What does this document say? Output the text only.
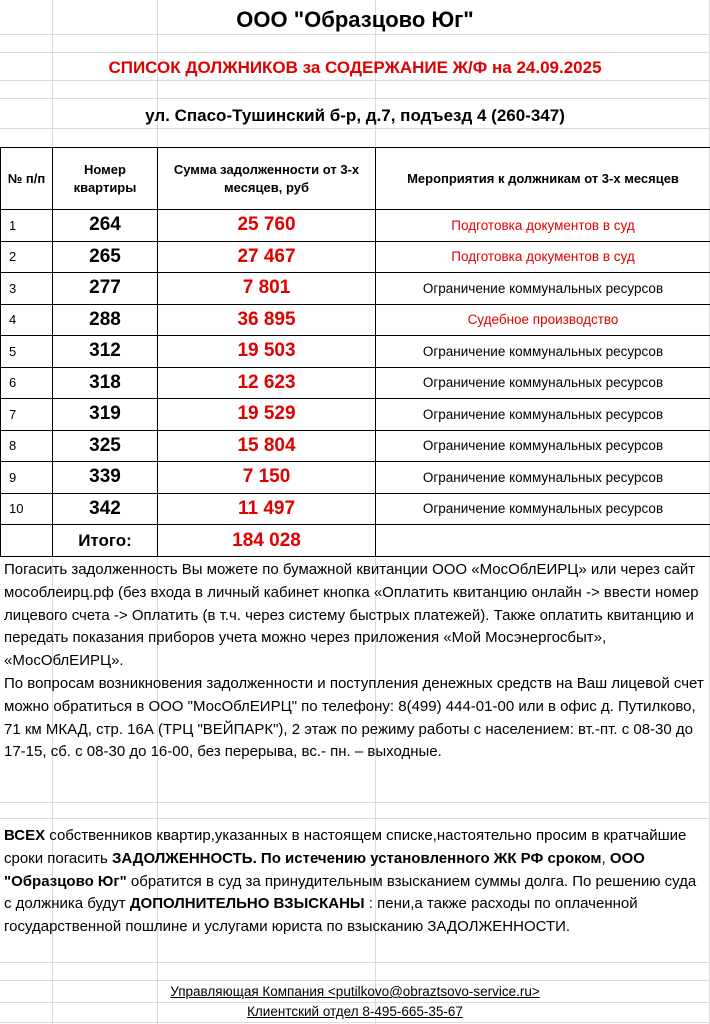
ООО "Образцово Юг"
СПИСОК ДОЛЖНИКОВ за СОДЕРЖАНИЕ Ж/Ф на 24.09.2025
ул. Спасо-Тушинский б-р, д.7, подъезд 4 (260-347)
№ п/п	Номер квартиры	Сумма задолженности от 3-х месяцев, руб	Мероприятия к должникам от 3-х месяцев
1	264	25 760	Подготовка документов в суд
2	265	27 467	Подготовка документов в суд
3	277	7 801	Ограничение коммунальных ресурсов
4	288	36 895	Судебное производство
5	312	19 503	Ограничение коммунальных ресурсов
6	318	12 623	Ограничение коммунальных ресурсов
7	319	19 529	Ограничение коммунальных ресурсов
8	325	15 804	Ограничение коммунальных ресурсов
9	339	7 150	Ограничение коммунальных ресурсов
10	342	11 497	Ограничение коммунальных ресурсов
	Итого:	184 028	
Погасить задолженность Вы можете по бумажной квитанции ООО «МосОблЕИРЦ» или через сайт мособлеирц.рф (без входа в личный кабинет кнопка «Оплатить квитанцию онлайн -> ввести номер лицевого счета -> Оплатить (в т.ч. через систему быстрых платежей). Также оплатить квитанцию и передать показания приборов учета можно через приложения «Мой Мосэнергосбыт», «МосОблЕИРЦ».
По вопросам возникновения задолженности и поступления денежных средств на Ваш лицевой счет можно обратиться в ООО "МосОблЕИРЦ" по телефону: 8(499) 444-01-00 или в офис д. Путилково, 71 км МКАД, стр. 16А (ТРЦ "ВЕЙПАРК"), 2 этаж по режиму работы с населением: вт.-пт. с 08-30 до 17-15, сб. с 08-30 до 16-00, без перерыва, вс.- пн. – выходные.
ВСЕХ собственников квартир,указанных в настоящем списке,настоятельно просим в кратчайшие сроки погасить ЗАДОЛЖЕННОСТЬ. По истечению установленного ЖК РФ сроком, ООО "Образцово Юг" обратится в суд за принудительным взысканием суммы долга. По решению суда с должника будут ДОПОЛНИТЕЛЬНО ВЗЫСКАНЫ : пени,а также расходы по оплаченной государственной пошлине и услугами юриста по взысканию ЗАДОЛЖЕННОСТИ.
Управляющая Компания <putilkovo@obraztsovo-service.ru>
Клиентский отдел 8-495-665-35-67
